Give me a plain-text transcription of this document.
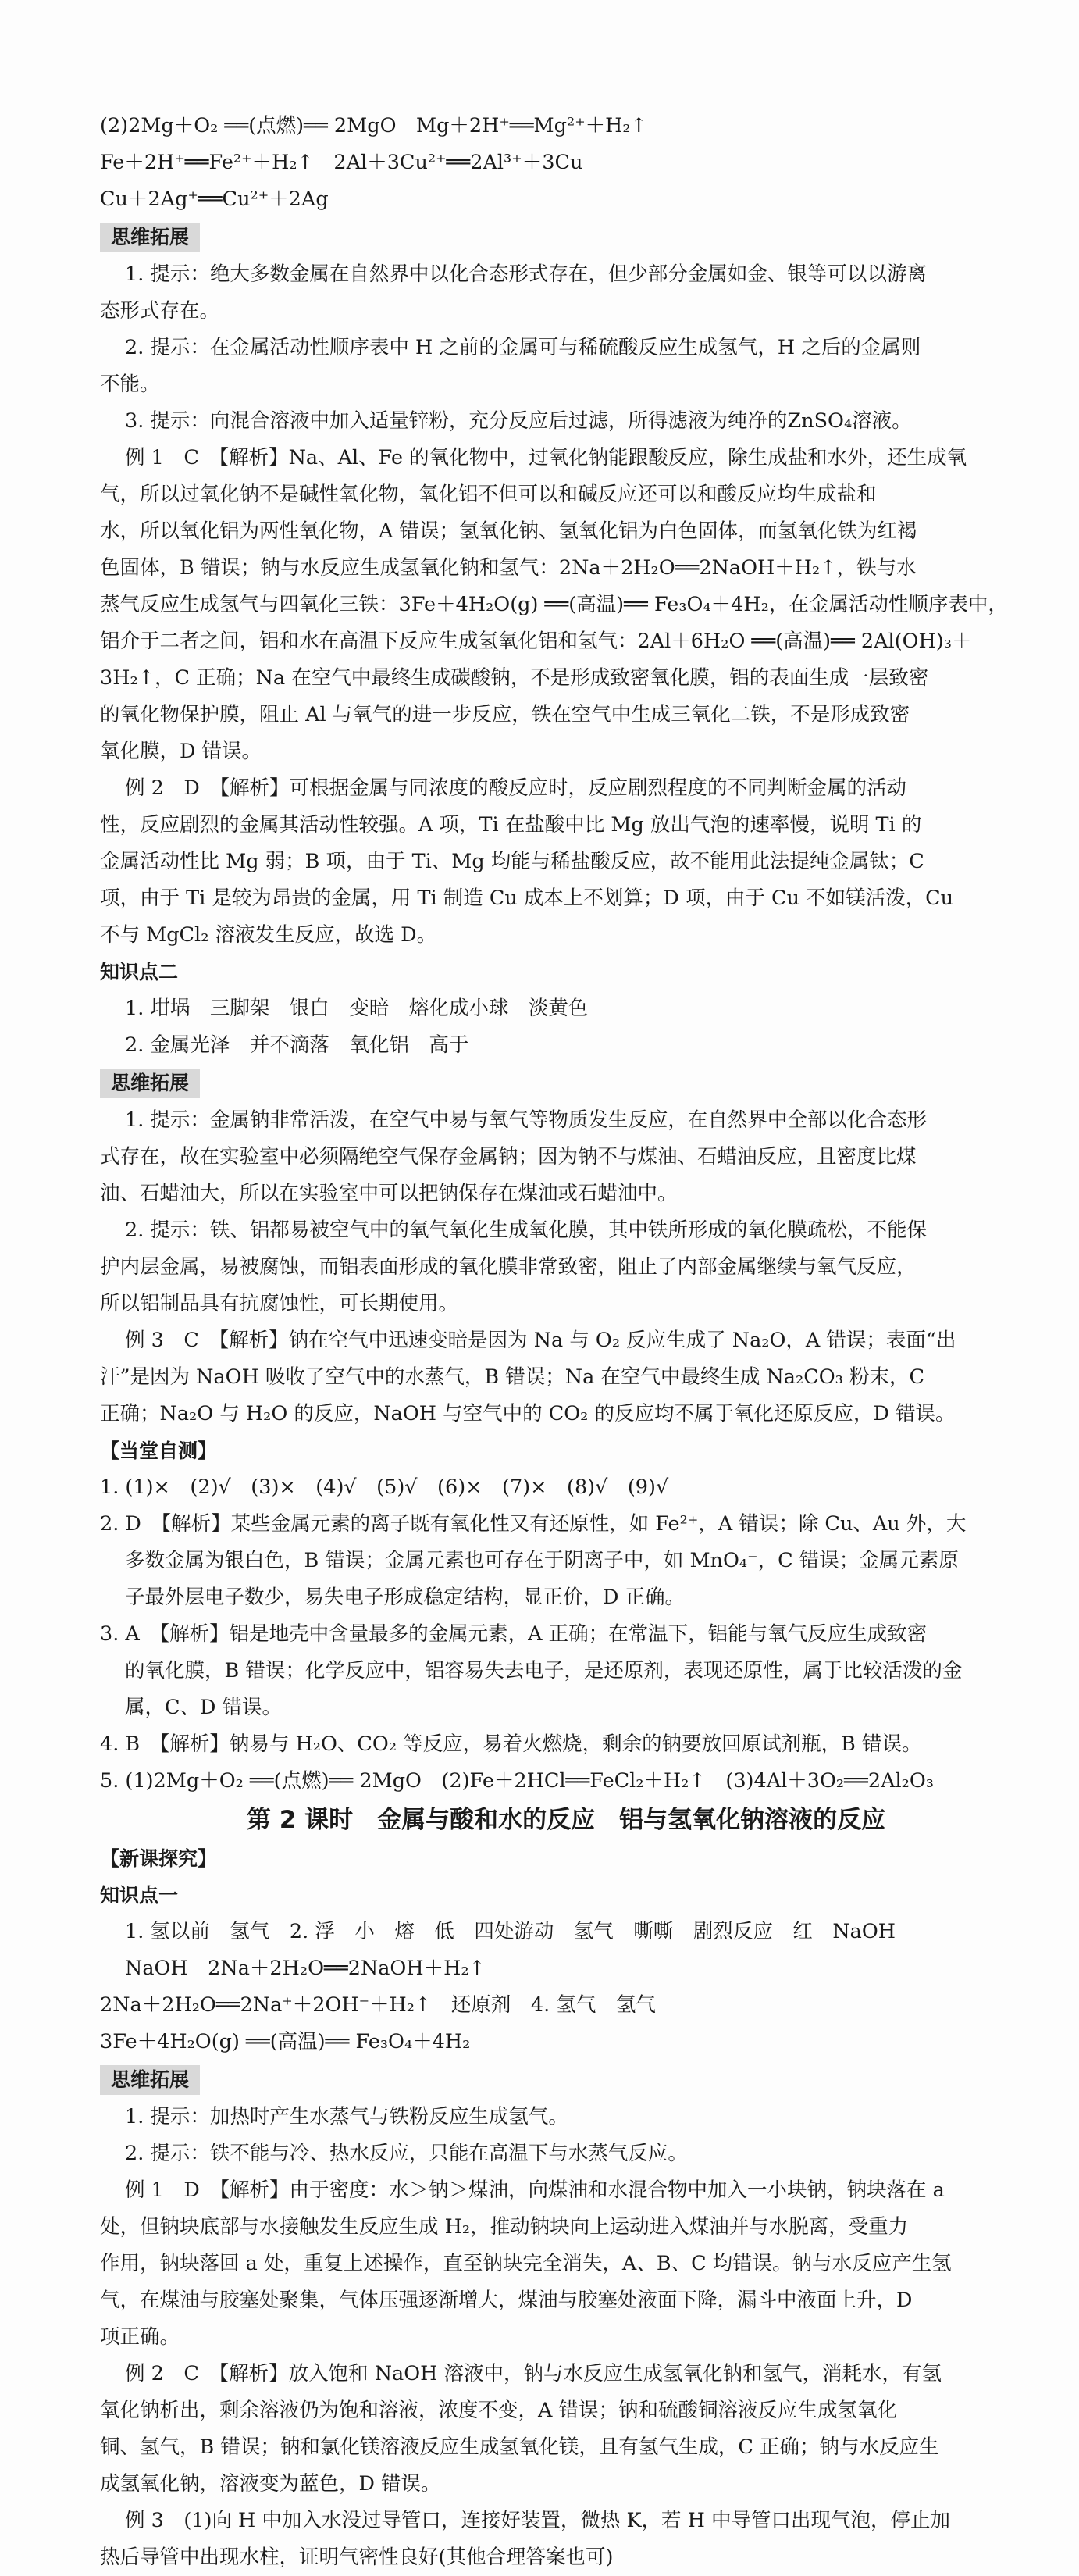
(2)2Mg＋O₂ ══(点燃)══ 2MgO　Mg＋2H⁺══Mg²⁺＋H₂↑
Fe＋2H⁺══Fe²⁺＋H₂↑　2Al＋3Cu²⁺══2Al³⁺＋3Cu
Cu＋2Ag⁺══Cu²⁺＋2Ag
思维拓展
1. 提示：绝大多数金属在自然界中以化合态形式存在，但少部分金属如金、银等可以以游离
态形式存在。
2. 提示：在金属活动性顺序表中 H 之前的金属可与稀硫酸反应生成氢气，H 之后的金属则
不能。
3. 提示：向混合溶液中加入适量锌粉，充分反应后过滤，所得滤液为纯净的ZnSO₄溶液。
例 1　C　【解析】Na、Al、Fe 的氧化物中，过氧化钠能跟酸反应，除生成盐和水外，还生成氧
气，所以过氧化钠不是碱性氧化物，氧化铝不但可以和碱反应还可以和酸反应均生成盐和
水，所以氧化铝为两性氧化物，A 错误；氢氧化钠、氢氧化铝为白色固体，而氢氧化铁为红褐
色固体，B 错误；钠与水反应生成氢氧化钠和氢气：2Na＋2H₂O══2NaOH＋H₂↑，铁与水
蒸气反应生成氢气与四氧化三铁：3Fe＋4H₂O(g) ══(高温)══ Fe₃O₄＋4H₂，在金属活动性顺序表中，
铝介于二者之间，铝和水在高温下反应生成氢氧化铝和氢气：2Al＋6H₂O ══(高温)══ 2Al(OH)₃＋
3H₂↑，C 正确；Na 在空气中最终生成碳酸钠，不是形成致密氧化膜，铝的表面生成一层致密
的氧化物保护膜，阻止 Al 与氧气的进一步反应，铁在空气中生成三氧化二铁，不是形成致密
氧化膜，D 错误。
例 2　D　【解析】可根据金属与同浓度的酸反应时，反应剧烈程度的不同判断金属的活动
性，反应剧烈的金属其活动性较强。A 项，Ti 在盐酸中比 Mg 放出气泡的速率慢，说明 Ti 的
金属活动性比 Mg 弱；B 项，由于 Ti、Mg 均能与稀盐酸反应，故不能用此法提纯金属钛；C
项，由于 Ti 是较为昂贵的金属，用 Ti 制造 Cu 成本上不划算；D 项，由于 Cu 不如镁活泼，Cu
不与 MgCl₂ 溶液发生反应，故选 D。
知识点二
1. 坩埚　三脚架　银白　变暗　熔化成小球　淡黄色
2. 金属光泽　并不滴落　氧化铝　高于
思维拓展
1. 提示：金属钠非常活泼，在空气中易与氧气等物质发生反应，在自然界中全部以化合态形
式存在，故在实验室中必须隔绝空气保存金属钠；因为钠不与煤油、石蜡油反应，且密度比煤
油、石蜡油大，所以在实验室中可以把钠保存在煤油或石蜡油中。
2. 提示：铁、铝都易被空气中的氧气氧化生成氧化膜，其中铁所形成的氧化膜疏松，不能保
护内层金属，易被腐蚀，而铝表面形成的氧化膜非常致密，阻止了内部金属继续与氧气反应，
所以铝制品具有抗腐蚀性，可长期使用。
例 3　C　【解析】钠在空气中迅速变暗是因为 Na 与 O₂ 反应生成了 Na₂O，A 错误；表面“出
汗”是因为 NaOH 吸收了空气中的水蒸气，B 错误；Na 在空气中最终生成 Na₂CO₃ 粉末，C
正确；Na₂O 与 H₂O 的反应，NaOH 与空气中的 CO₂ 的反应均不属于氧化还原反应，D 错误。
【当堂自测】
1. (1)×　(2)√　(3)×　(4)√　(5)√　(6)×　(7)×　(8)√　(9)√
2. D　【解析】某些金属元素的离子既有氧化性又有还原性，如 Fe²⁺，A 错误；除 Cu、Au 外，大
多数金属为银白色，B 错误；金属元素也可存在于阴离子中，如 MnO₄⁻，C 错误；金属元素原
子最外层电子数少，易失电子形成稳定结构，显正价，D 正确。
3. A　【解析】铝是地壳中含量最多的金属元素，A 正确；在常温下，铝能与氧气反应生成致密
的氧化膜，B 错误；化学反应中，铝容易失去电子，是还原剂，表现还原性，属于比较活泼的金
属，C、D 错误。
4. B　【解析】钠易与 H₂O、CO₂ 等反应，易着火燃烧，剩余的钠要放回原试剂瓶，B 错误。
5. (1)2Mg＋O₂ ══(点燃)══ 2MgO　(2)Fe＋2HCl══FeCl₂＋H₂↑　(3)4Al＋3O₂══2Al₂O₃
第 2 课时　金属与酸和水的反应　铝与氢氧化钠溶液的反应
【新课探究】
知识点一
1. 氢以前　氢气　2. 浮　小　熔　低　四处游动　氢气　嘶嘶　剧烈反应　红　NaOH
NaOH　2Na＋2H₂O══2NaOH＋H₂↑
2Na＋2H₂O══2Na⁺＋2OH⁻＋H₂↑　还原剂　4. 氢气　氢气
3Fe＋4H₂O(g) ══(高温)══ Fe₃O₄＋4H₂
思维拓展
1. 提示：加热时产生水蒸气与铁粉反应生成氢气。
2. 提示：铁不能与冷、热水反应，只能在高温下与水蒸气反应。
例 1　D　【解析】由于密度：水＞钠＞煤油，向煤油和水混合物中加入一小块钠，钠块落在 a
处，但钠块底部与水接触发生反应生成 H₂，推动钠块向上运动进入煤油并与水脱离，受重力
作用，钠块落回 a 处，重复上述操作，直至钠块完全消失，A、B、C 均错误。钠与水反应产生氢
气，在煤油与胶塞处聚集，气体压强逐渐增大，煤油与胶塞处液面下降，漏斗中液面上升，D
项正确。
例 2　C　【解析】放入饱和 NaOH 溶液中，钠与水反应生成氢氧化钠和氢气，消耗水，有氢
氧化钠析出，剩余溶液仍为饱和溶液，浓度不变，A 错误；钠和硫酸铜溶液反应生成氢氧化
铜、氢气，B 错误；钠和氯化镁溶液反应生成氢氧化镁，且有氢气生成，C 正确；钠与水反应生
成氢氧化钠，溶液变为蓝色，D 错误。
例 3　(1)向 H 中加入水没过导管口，连接好装置，微热 K，若 H 中导管口出现气泡，停止加
热后导管中出现水柱，证明气密性良好(其他合理答案也可)
